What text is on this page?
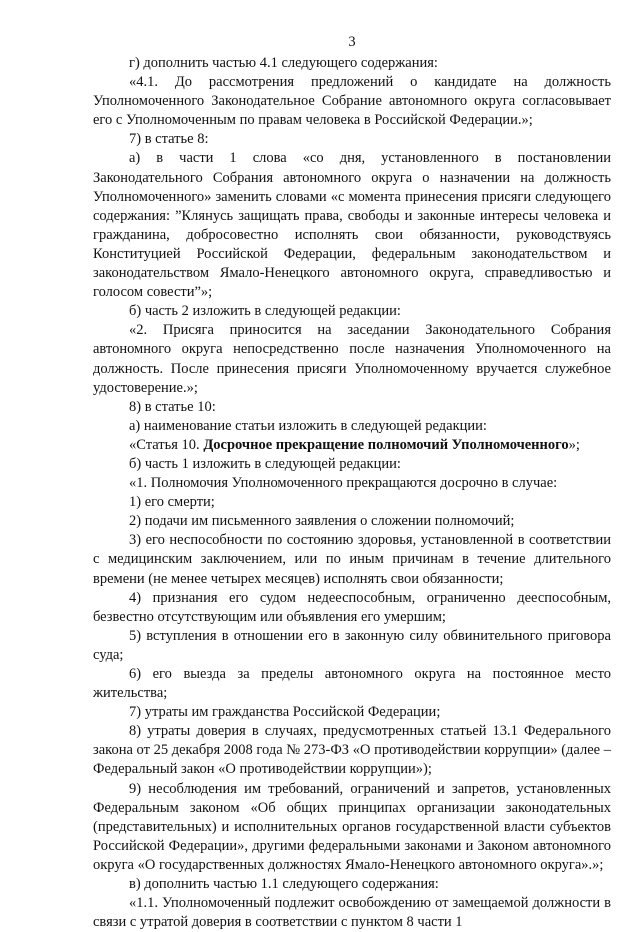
3

г) дополнить частью 4.1 следующего содержания:

«4.1. До рассмотрения предложений о кандидате на должность Уполномоченного Законодательное Собрание автономного округа согласовывает его с Уполномоченным по правам человека в Российской Федерации.»;

7) в статье 8:

а) в части 1 слова «со дня, установленного в постановлении Законодательного Собрания автономного округа о назначении на должность Уполномоченного» заменить словами «с момента принесения присяги следующего содержания: ”Клянусь защищать права, свободы и законные интересы человека и гражданина, добросовестно исполнять свои обязанности, руководствуясь Конституцией Российской Федерации, федеральным законодательством и законодательством Ямало-Ненецкого автономного округа, справедливостью и голосом совести”»;

б) часть 2 изложить в следующей редакции:

«2. Присяга приносится на заседании Законодательного Собрания автономного округа непосредственно после назначения Уполномоченного на должность. После принесения присяги Уполномоченному вручается служебное удостоверение.»;

8) в статье 10:

а) наименование статьи изложить в следующей редакции:

«Статья 10. Досрочное прекращение полномочий Уполномоченного»;

б) часть 1 изложить в следующей редакции:

«1. Полномочия Уполномоченного прекращаются досрочно в случае:

1) его смерти;

2) подачи им письменного заявления о сложении полномочий;

3) его неспособности по состоянию здоровья, установленной в соответствии с медицинским заключением, или по иным причинам в течение длительного времени (не менее четырех месяцев) исполнять свои обязанности;

4) признания его судом недееспособным, ограниченно дееспособным, безвестно отсутствующим или объявления его умершим;

5) вступления в отношении его в законную силу обвинительного приговора суда;

6) его выезда за пределы автономного округа на постоянное место жительства;

7) утраты им гражданства Российской Федерации;

8) утраты доверия в случаях, предусмотренных статьей 13.1 Федерального закона от 25 декабря 2008 года № 273-ФЗ «О противодействии коррупции» (далее – Федеральный закон «О противодействии коррупции»);

9) несоблюдения им требований, ограничений и запретов, установленных Федеральным законом «Об общих принципах организации законодательных (представительных) и исполнительных органов государственной власти субъектов Российской Федерации», другими федеральными законами и Законом автономного округа «О государственных должностях Ямало-Ненецкого автономного округа».»;

в) дополнить частью 1.1 следующего содержания:

«1.1. Уполномоченный подлежит освобождению от замещаемой должности в связи с утратой доверия в соответствии с пунктом 8 части 1
